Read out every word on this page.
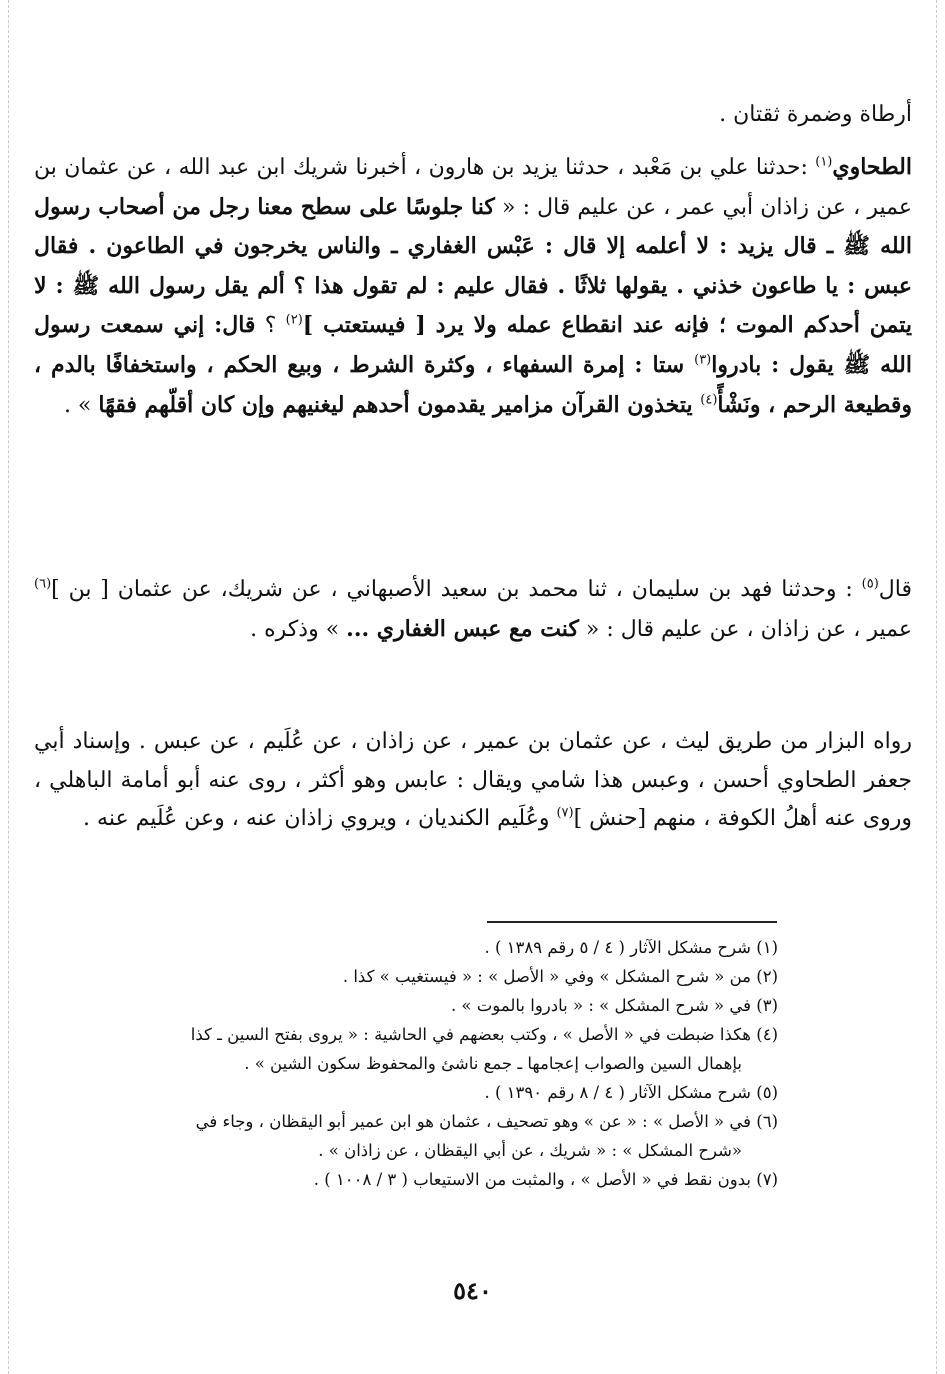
أرطاة وضمرة ثقتان .

الطحاوي$^{(١)}$ :حدثنا علي بن مَعْبد ، حدثنا يزيد بن هارون ، أخبرنا شريك ابن عبد الله ، عن عثمان بن عمير ، عن زاذان أبي عمر ، عن عليم قال : « كنا جلوسًا على سطح معنا رجل من أصحاب رسول الله ﷺ ـ قال يزيد : لا أعلمه إلا قال : عَبْس الغفاري ـ والناس يخرجون في الطاعون . فقال عبس : يا طاعون خذني . يقولها ثلاثًا . فقال عليم : لم تقول هذا ؟ ألم يقل رسول الله ﷺ : لا يتمن أحدكم الموت ؛ فإنه عند انقطاع عمله ولا يرد [ فيستعتب ]$^{(٢)}$ ؟ قال: إني سمعت رسول الله ﷺ يقول : بادروا$^{(٣)}$ ستا : إمرة السفهاء ، وكثرة الشرط ، وبيع الحكم ، واستخفافًا بالدم ، وقطيعة الرحم ، ونَشْأً$^{(٤)}$ يتخذون القرآن مزامير يقدمون أحدهم ليغنيهم وإن كان أقلّهم فقهًا » .

قال$^{(٥)}$ : وحدثنا فهد بن سليمان ، ثنا محمد بن سعيد الأصبهاني ، عن شريك، عن عثمان [ بن ]$^{(٦)}$ عمير ، عن زاذان ، عن عليم قال : « كنت مع عبس الغفاري ... » وذكره .

رواه البزار من طريق ليث ، عن عثمان بن عمير ، عن زاذان ، عن عُلَيم ، عن عبس . وإسناد أبي جعفر الطحاوي أحسن ، وعبس هذا شامي ويقال : عابس وهو أكثر ، روى عنه أبو أمامة الباهلي ، وروى عنه أهلُ الكوفة ، منهم [حنش ]$^{(٧)}$ وعُلَيم الكنديان ، ويروي زاذان عنه ، وعن عُلَيم عنه .

(١) شرح مشكل الآثار ( ٤ / ٥ رقم ١٣٨٩ ) .

(٢) من « شرح المشكل » وفي « الأصل » : « فيستغيب » كذا .

(٣) في « شرح المشكل » : « بادروا بالموت » .

(٤) هكذا ضبطت في « الأصل » ، وكتب بعضهم في الحاشية : « يروى بفتح السين ـ كذا
بإهمال السين والصواب إعجامها ـ جمع ناشئ والمحفوظ سكون الشين » .

(٥) شرح مشكل الآثار ( ٤ / ٨ رقم ١٣٩٠ ) .

(٦) في « الأصل » : « عن » وهو تصحيف ، عثمان هو ابن عمير أبو اليقظان ، وجاء في
«شرح المشكل » : « شريك ، عن أبي اليقظان ، عن زاذان » .

(٧) بدون نقط في « الأصل » ، والمثبت من الاستيعاب ( ٣ / ١٠٠٨ ) .

٥٤٠
